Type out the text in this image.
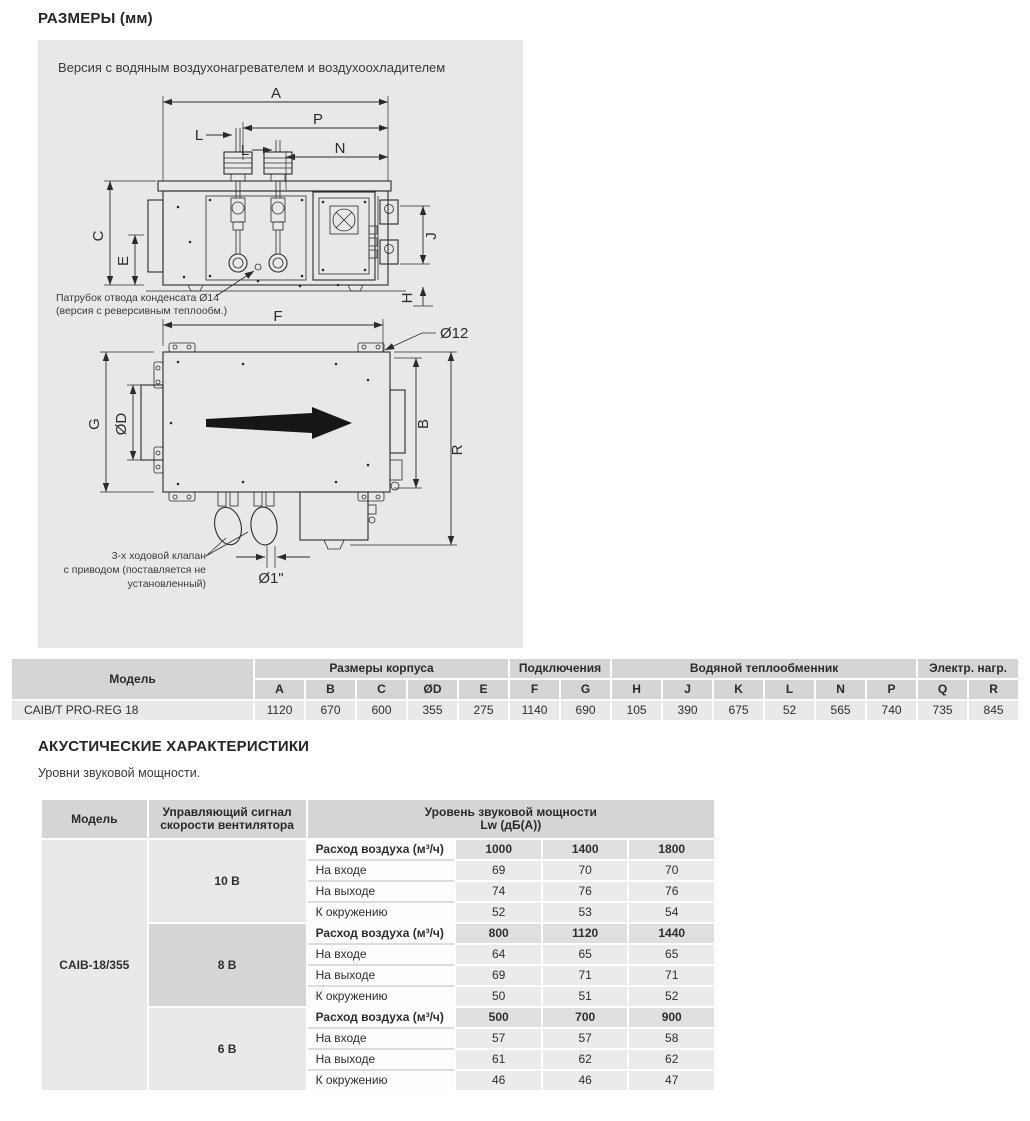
РАЗМЕРЫ (мм)
Версия с водяным воздухонагревателем и воздухоохладителем
A
P
L
L	N
C
E
J
H
Патрубок отвода конденсата Ø14
(версия с реверсивным теплообм.)	F
Ø12
G ØD	B
R
Ø1"
3-х ходовой клапан
с приводом (поставляется не
установленный)
Модель	Размеры корпуса					Подключения		Водяной теплообменник						Электр. нагр.	
	A	B	C	ØD	E	F	G	H	J	K	L	N	P	Q	R
CAIB/T PRO-REG 18	1120	670	600	355	275	1140	690	105	390	675	52	565	740	735	845
АКУСТИЧЕСКИЕ ХАРАКТЕРИСТИКИ
Уровни звуковой мощности.
Модель	Управляющий сигнал скорости вентилятора	Уровень звуковой мощности
Lw (дБ(А))			

CAIB-18/355	10 В	Расход воздуха (м³/ч)	1000	1400	1800
		На входе	69	70	70
		На выходе	74	76	76
		К окружению	52	53	54
	8 В	Расход воздуха (м³/ч)	800	1120	1440
		На входе	64	65	65
		На выходе	69	71	71
		К окружению	50	51	52
	6 В	Расход воздуха (м³/ч)	500	700	900
		На входе	57	57	58
		На выходе	61	62	62
		К окружению	46	46	47
